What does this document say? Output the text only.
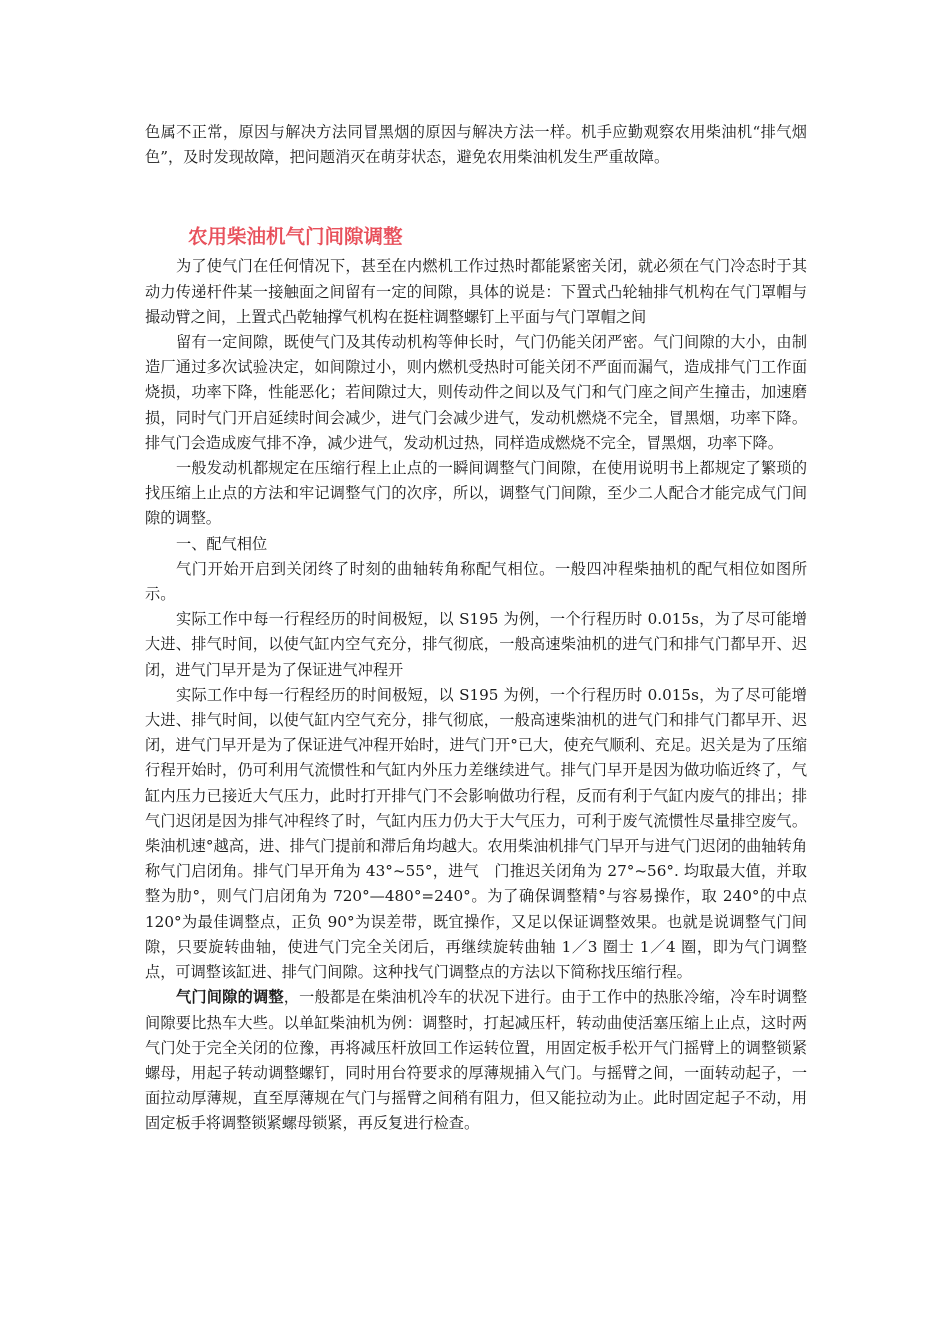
色属不正常，原因与解决方法同冒黑烟的原因与解决方法一样。机手应勤观察农用柴油机“排气烟色”，及时发现故障，把问题消灭在萌芽状态，避免农用柴油机发生严重故障。

农用柴油机气门间隙调整

为了使气门在任何情况下，甚至在内燃机工作过热时都能紧密关闭，就必须在气门冷态时于其动力传递杆件某一接触面之间留有一定的间隙，具体的说是：下置式凸轮轴排气机构在气门罩帽与撮动臂之间，上置式凸乾轴撑气机构在挺柱调整螺钉上平面与气门罩帽之间

留有一定间隙，既使气门及其传动机构等伸长时，气门仍能关闭严密。气门间隙的大小，由制造厂通过多次试验决定，如间隙过小，则内燃机受热时可能关闭不严面而漏气，造成排气门工作面烧损，功率下降，性能恶化；若间隙过大，则传动件之间以及气门和气门座之间产生撞击，加速磨损，同时气门开启延续时间会减少，进气门会减少进气，发动机燃烧不完全，冒黑烟，功率下降。排气门会造成废气排不净，减少进气，发动机过热，同样造成燃烧不完全，冒黑烟，功率下降。

一般发动机都规定在压缩行程上止点的一瞬间调整气门间隙，在使用说明书上都规定了繁琐的找压缩上止点的方法和牢记调整气门的次序，所以，调整气门间隙，至少二人配合才能完成气门间隙的调整。

一、配气相位

气门开始开启到关闭终了时刻的曲轴转角称配气相位。一般四冲程柴抽机的配气相位如图所示。

实际工作中每一行程经历的时间极短，以 S195 为例，一个行程历时 0.015s，为了尽可能增大进、排气时间，以使气缸内空气充分，排气彻底，一般高速柴油机的进气门和排气门都早开、迟闭，进气门早开是为了保证进气冲程开

实际工作中每一行程经历的时间极短，以 S195 为例，一个行程历时 0.015s，为了尽可能增大进、排气时间，以使气缸内空气充分，排气彻底，一般高速柴油机的进气门和排气门都早开、迟闭，进气门早开是为了保证进气冲程开始时，进气门开°已大，使充气顺利、充足。迟关是为了压缩行程开始时，仍可利用气流惯性和气缸内外压力差继续进气。排气门早开是因为做功临近终了，气缸内压力已接近大气压力，此时打开排气门不会影响做功行程，反而有利于气缸内废气的排出；排气门迟闭是因为排气冲程终了时，气缸内压力仍大于大气压力，可利于废气流惯性尽量排空废气。柴油机速°越高，进、排气门提前和滞后角均越大。农用柴油机排气门早开与进气门迟闭的曲轴转角称气门启闭角。排气门早开角为 43°~55°，进气　门推迟关闭角为 27°~56°. 均取最大值，并取整为肋°，则气门启闭角为 720°—480°=240°。为了确保调整精°与容易操作，取 240°的中点 120°为最佳调整点，正负 90°为误差带，既宜操作，又足以保证调整效果。也就是说调整气门间隙，只要旋转曲轴，使进气门完全关闭后，再继续旋转曲轴 1／3 圈士 1／4 圈，即为气门调整点，可调整该缸进、排气门间隙。这种找气门调整点的方法以下简称找压缩行程。

气门间隙的调整，一般都是在柴油机冷车的状况下进行。由于工作中的热胀冷缩，冷车时调整间隙要比热车大些。以单缸柴油机为例：调整时，打起减压杆，转动曲使活塞压缩上止点，这时两气门处于完全关闭的位豫，再将减压杆放回工作运转位置，用固定板手松开气门摇臂上的调整锁紧螺母，用起子转动调整螺钉，同时用台符要求的厚薄规捕入气门。与摇臂之间，一面转动起子，一面拉动厚薄规，直至厚薄规在气门与摇臂之间稍有阻力，但又能拉动为止。此时固定起子不动，用固定板手将调整锁紧螺母锁紧，再反复进行检查。
